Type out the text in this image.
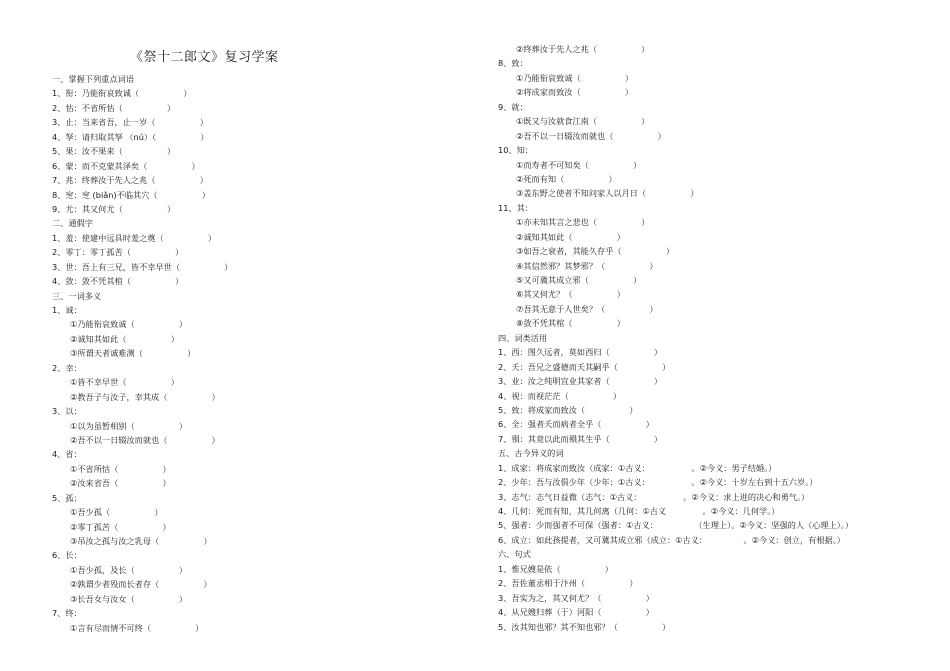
《祭十二郎文》复习学案
一、掌握下列重点词语
1、衔：乃能衔哀致诚（                 ）
2、怙：不省所怙（                 ）
3、止：当来省吾，止一岁（                 ）
4、孥：请归取其孥 （nú）（                 ）
5、果：汝不果来（                 ）
6、蒙：而不克蒙其泽矣（                 ）
7、兆：终葬汝于先人之兆（                 ）
8、窆：窆 (biǎn)不临其穴（                 ）
9、尤：其又何尤（                 ）
二、通假字
1、羞：使建中远具时羞之奠（                 ）
2、零丁：零丁孤苦（                 ）
3、世：吾上有三兄，皆不幸早世（                 ）
4、敛：敛不凭其棺（                 ）
三、一词多义
1、诚：
①乃能衔哀致诚（                 ）
②诚知其如此（                 ）
③所谓天者诚难测（                 ）
2、幸：
①皆不幸早世（                 ）
②教吾子与汝子，幸其成（                 ）
3、以：
①以为虽暂相别（                 ）
②吾不以一日辍汝而就也（                 ）
4、省：
①不省所怙（                 ）
②汝来省吾（                 ）
5、孤：
①吾少孤（                 ）
②零丁孤苦（                 ）
③吊汝之孤与汝之乳母（                 ）
6、长：
①吾少孤，及长（                 ）
②孰谓少者殁而长者存（                 ）
③长吾女与汝女（                 ）
7、终：
①言有尽而情不可终（                 ）
②终葬汝于先人之兆（                 ）
8、致：
①乃能衔哀致诚（                 ）
②将成家而致汝（                 ）
9、就：
①既又与汝就食江南（                 ）
②吾不以一日辍汝而就也（                 ）
10、知：
①而寿者不可知矣（                 ）
②死而有知（                 ）
③盖东野之使者不知问家人以月日（                 ）
11、其：
①亦未知其言之悲也（                 ）
②诚知其如此（                 ）
③如吾之衰者，其能久存乎（                 ）
④其信然邪？其梦邪？（                 ）
⑤又可冀其成立邪（                 ）
⑥其又何尤？（                 ）
⑦吾其无意于人世矣？（                 ）
⑧敛不凭其棺（                 ）
四、词类活用
1、西：图久远者，莫如西归（                 ）
2、夭：吾兄之盛德而夭其嗣乎（                 ）
3、业：汝之纯明宜业其家者（                 ）
4、视：而视茫茫（                 ）
5、致：将成家而致汝（                 ）
6、全：强者夭而病者全乎（                 ）
7、殞：其竟以此而殞其生乎（                 ）
五、古今异义的词
1、成家：将成家而致汝（成家：①古义：                。②今义：男子结婚。）
2、少年：吾与汝俱少年（少年：①古义：                。②今义：十岁左右到十五六岁。）
3、志气：志气日益微（志气：①古义：                。②今义：求上进的决心和勇气。）
4、几何：死而有知，其几何离（几何：①古义              。②今义：几何学。）
5、强者：少而强者不可保（强者：①古义：              （生理上）。②今义：坚强的人（心理上）。）
6、成立：如此孩提者，又可冀其成立邪（成立：①古义：              。②今义：创立，有根据。）
六、句式
1、惟兄嫂是依（                 ）
2、吾佐董丞相于汴州（                 ）
3、吾实为之，其又何尤？（                 ）
4、从兄嫂归葬（于）河阳（                 ）
5、汝其知也邪？其不知也邪？（                 ）
